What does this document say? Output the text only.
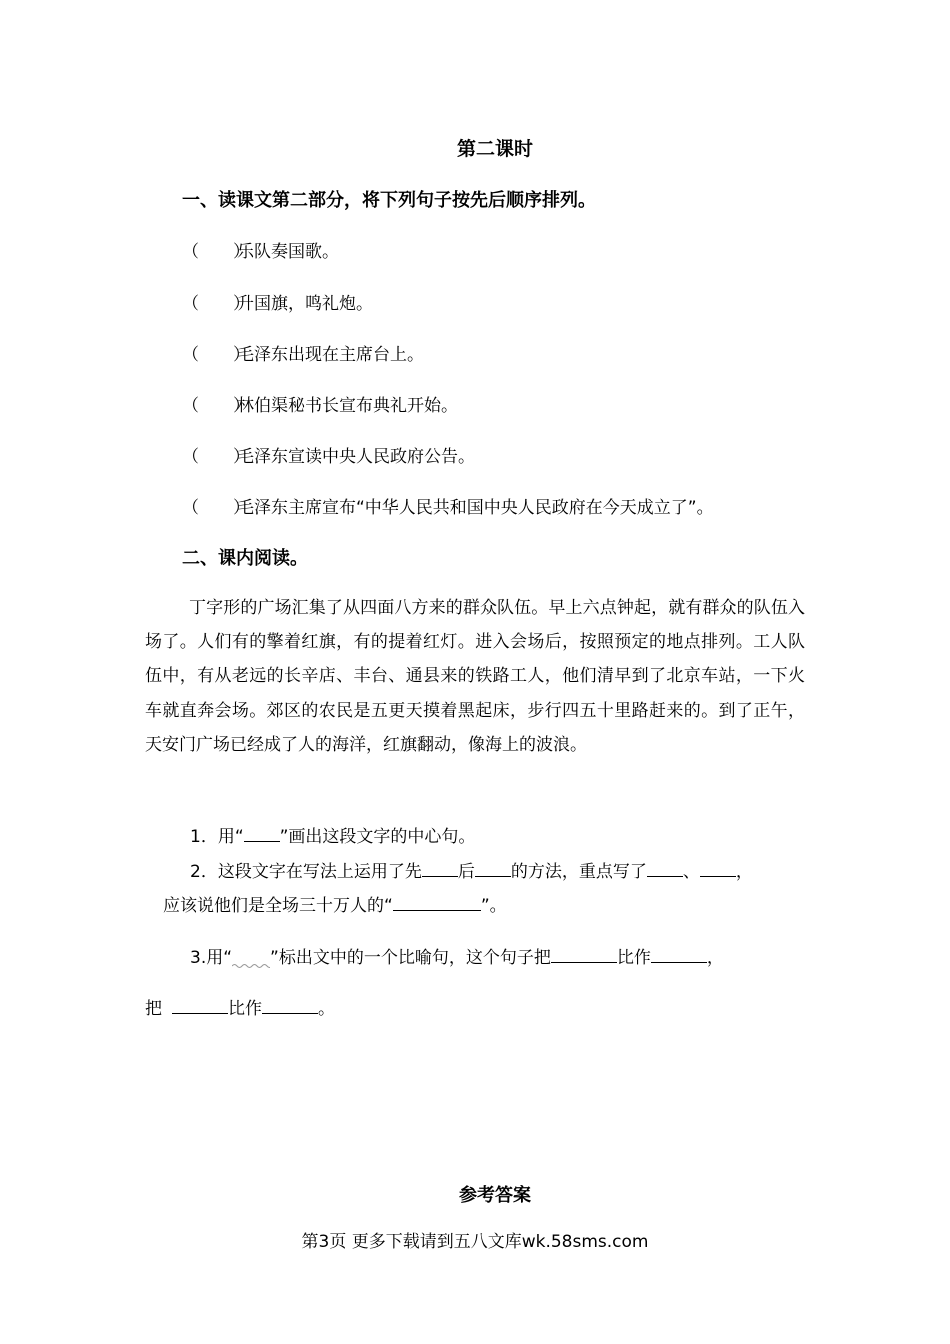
第二课时
一、读课文第二部分，将下列句子按先后顺序排列。
（　　）乐队奏国歌。
（　　）升国旗，鸣礼炮。
（　　）毛泽东出现在主席台上。
（　　）林伯渠秘书长宣布典礼开始。
（　　）毛泽东宣读中央人民政府公告。
（　　）毛泽东主席宣布“中华人民共和国中央人民政府在今天成立了”。
二、课内阅读。

丁字形的广场汇集了从四面八方来的群众队伍。早上六点钟起，就有群众的队伍入场了。人们有的擎着红旗，有的提着红灯。进入会场后，按照预定的地点排列。工人队伍中，有从老远的长辛店、丰台、通县来的铁路工人，他们清早到了北京车站，一下火车就直奔会场。郊区的农民是五更天摸着黑起床，步行四五十里路赶来的。到了正午，天安门广场已经成了人的海洋，红旗翻动，像海上的波浪。

1．用“ ”画出这段文字的中心句。
2．这段文字在写法上运用了先 后 的方法，重点写了 、 ，
应该说他们是全场三十万人的“	”。
3.用“ ”标出文中的一个比喻句，这个句子把	比作	，
把	比作	。
参考答案
第3页 更多下载请到五八文库wk.58sms.com
